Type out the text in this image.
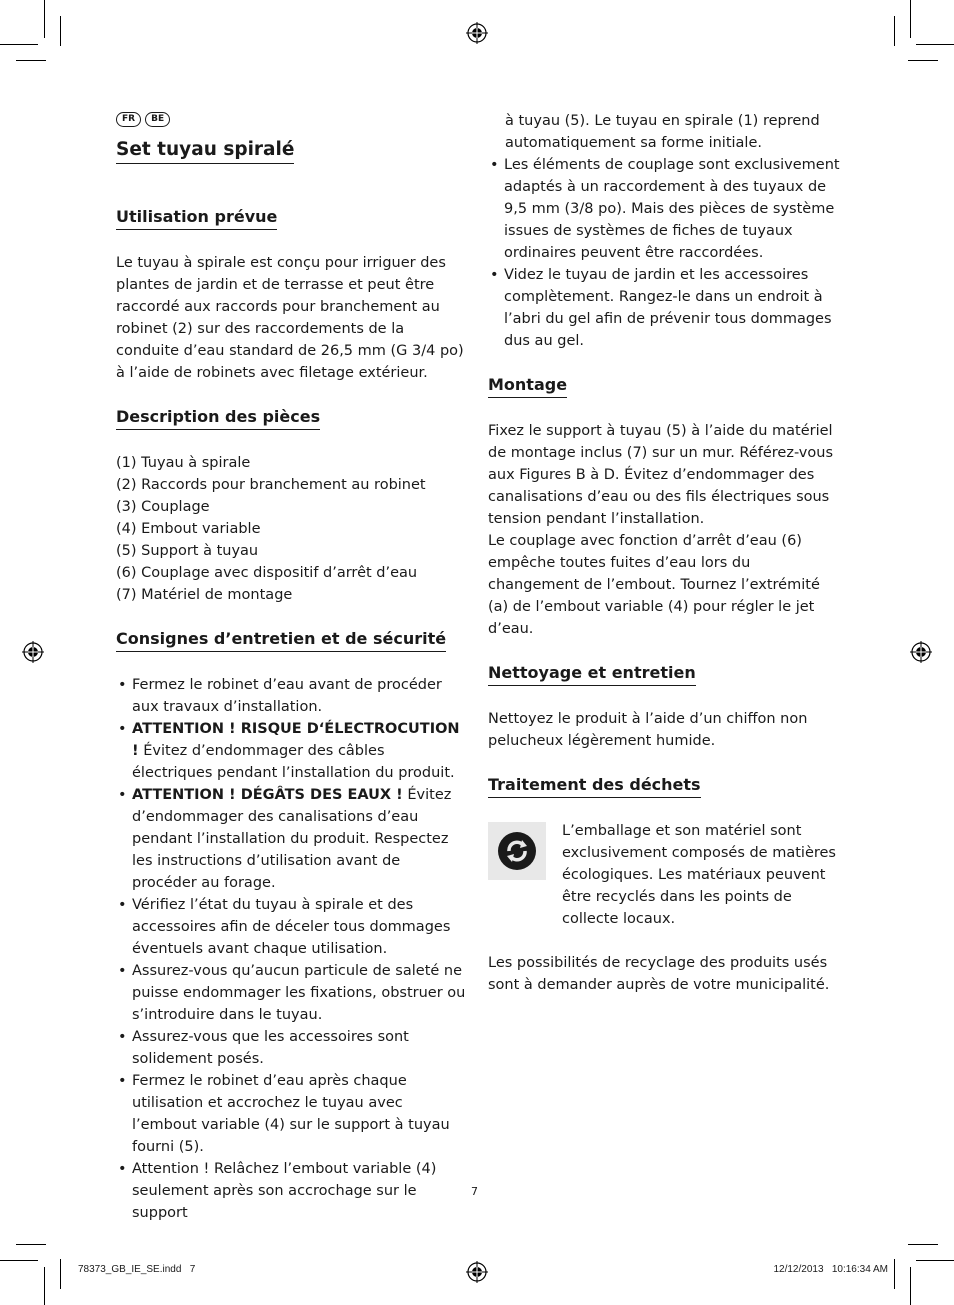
FR	BE
Set tuyau spiralé
Utilisation prévue

Le tuyau à spirale est conçu pour irriguer des plantes de jardin et de terrasse et peut être raccordé aux raccords pour branchement au robinet (2) sur des raccordements de la conduite d’eau standard de 26,5 mm (G 3/4 po) à l’aide de robinets avec filetage extérieur.

Description des pièces
(1) Tuyau à spirale
(2) Raccords pour branchement au robinet
(3) Couplage
(4) Embout variable
(5) Support à tuyau
(6) Couplage avec dispositif d’arrêt d’eau
(7) Matériel de montage
Consignes d’entretien et de sécurité
• Fermez le robinet d’eau avant de procéder aux travaux d’installation.
• ATTENTION ! RISQUE D‘ÉLECTROCUTION ! Évitez d’endommager des câbles électriques pendant l’installation du produit.
• ATTENTION ! DÉGÂTS DES EAUX ! Évitez d’endommager des canalisations d’eau pendant l’installation du produit. Respectez les instructions d’utilisation avant de procéder au forage.
• Vérifiez l’état du tuyau à spirale et des accessoires afin de déceler tous dommages éventuels avant chaque utilisation.
• Assurez-vous qu’aucun particule de saleté ne puisse endommager les fixations, obstruer ou s’introduire dans le tuyau.
• Assurez-vous que les accessoires sont solidement posés.
• Fermez le robinet d’eau après chaque utilisation et accrochez le tuyau avec l’embout variable (4) sur le support à tuyau fourni (5).
• Attention ! Relâchez l’embout variable (4) seulement après son accrochage sur le support
à tuyau (5). Le tuyau en spirale (1) reprend automatiquement sa forme initiale.
• Les éléments de couplage sont exclusivement adaptés à un raccordement à des tuyaux de 9,5 mm (3/8 po). Mais des pièces de système issues de systèmes de fiches de tuyaux ordinaires peuvent être raccordées.
• Videz le tuyau de jardin et les accessoires complètement. Rangez-le dans un endroit à l’abri du gel afin de prévenir tous dommages dus au gel.
Montage

Fixez le support à tuyau (5) à l’aide du matériel de montage inclus (7) sur un mur. Référez-vous aux Figures B à D. Évitez d’endommager des canalisations d’eau ou des fils électriques sous tension pendant l’installation.

Le couplage avec fonction d’arrêt d’eau (6) empêche toutes fuites d’eau lors du changement de l’embout. Tournez l’extrémité (a) de l’embout variable (4) pour régler le jet d’eau.

Nettoyage et entretien

Nettoyez le produit à l’aide d’un chiffon non pelucheux légèrement humide.

Traitement des déchets

L’emballage et son matériel sont exclusivement composés de matières écologiques. Les matériaux peuvent être recyclés dans les points de collecte locaux.

Les possibilités de recyclage des produits usés sont à demander auprès de votre municipalité.

7
78373_GB_IE_SE.indd   7	12/12/2013   10:16:34 AM
